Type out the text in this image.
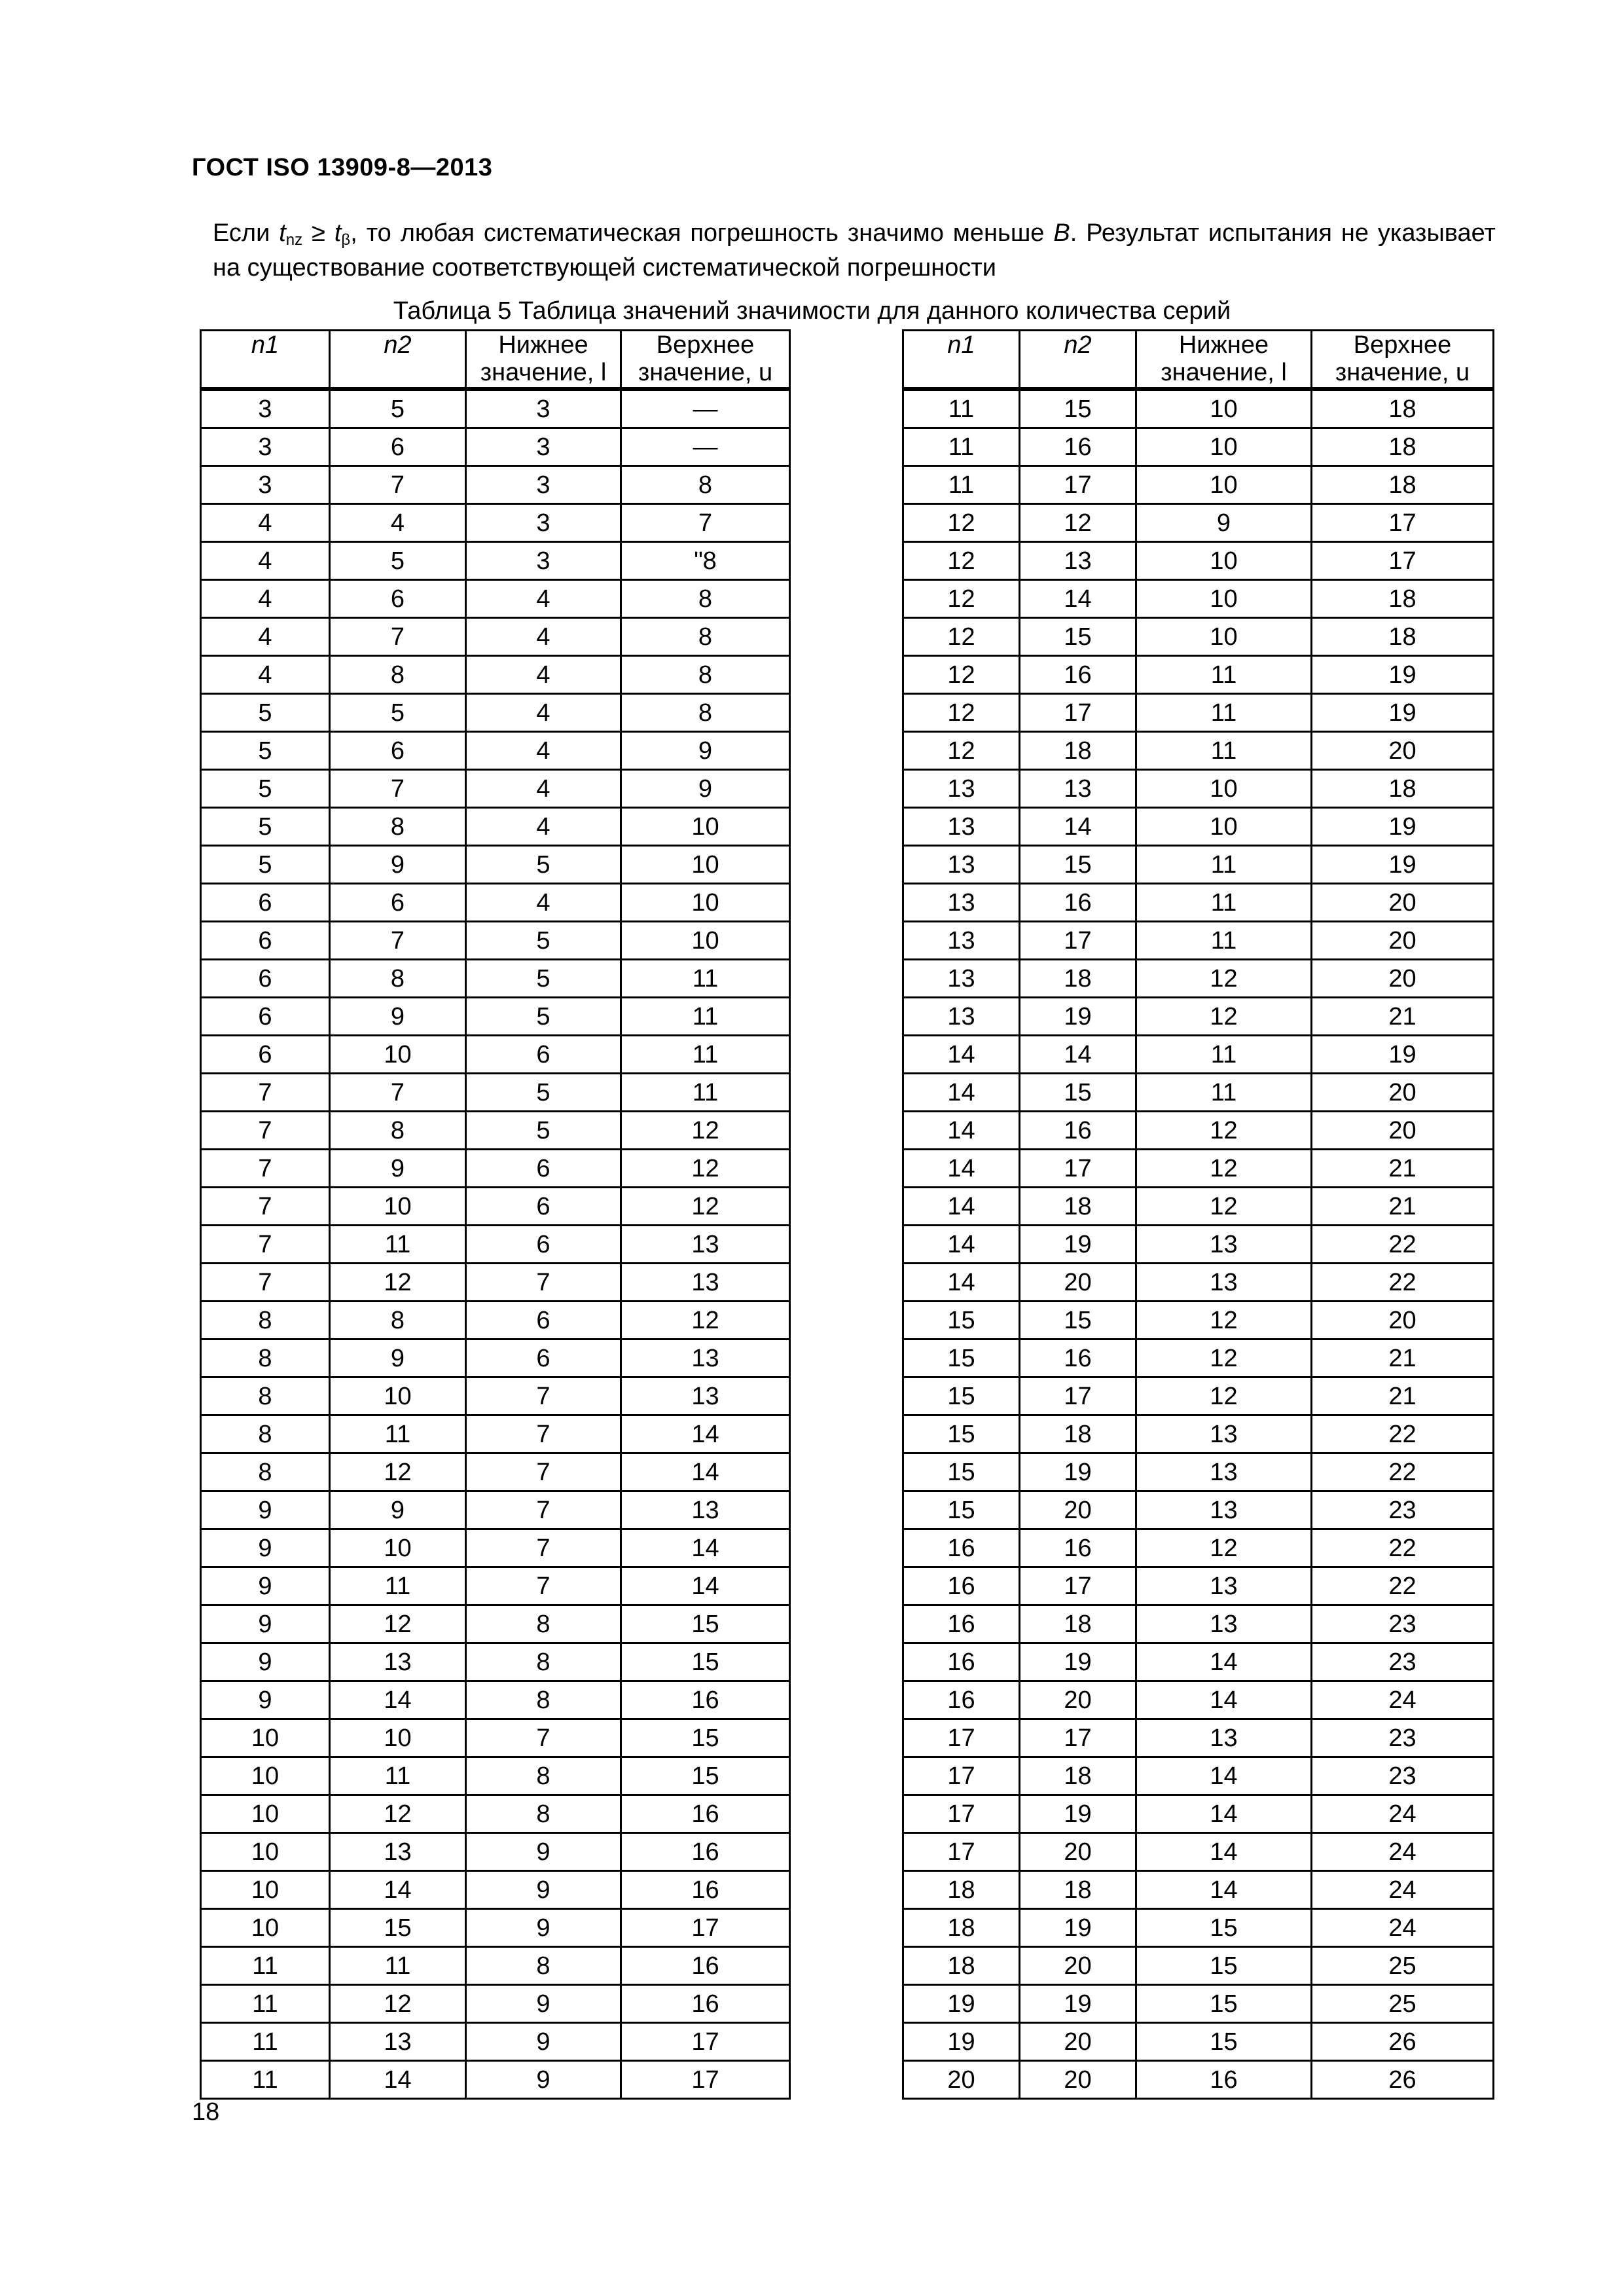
ГОСТ ISO 13909-8—2013
Если $t_{nz} \ge t_\beta$, то любая систематическая погрешность значимо меньше B. Результат испытания не указывает на существование соответствующей систематической погрешности
Таблица 5 Таблица значений значимости для данного количества серий
n1	n2	Нижнее значение, l	Верхнее значение, u
3	5	3	—
3	6	3	—
3	7	3	8
4	4	3	7
4	5	3	"8
4	6	4	8
4	7	4	8
4	8	4	8
5	5	4	8
5	6	4	9
5	7	4	9
5	8	4	10
5	9	5	10
6	6	4	10
6	7	5	10
6	8	5	11
6	9	5	11
6	10	6	11
7	7	5	11
7	8	5	12
7	9	6	12
7	10	6	12
7	11	6	13
7	12	7	13
8	8	6	12
8	9	6	13
8	10	7	13
8	11	7	14
8	12	7	14
9	9	7	13
9	10	7	14
9	11	7	14
9	12	8	15
9	13	8	15
9	14	8	16
10	10	7	15
10	11	8	15
10	12	8	16
10	13	9	16
10	14	9	16
10	15	9	17
11	11	8	16
11	12	9	16
11	13	9	17
11	14	9	17
n1	n2	Нижнее значение, l	Верхнее значение, u
11	15	10	18
11	16	10	18
11	17	10	18
12	12	9	17
12	13	10	17
12	14	10	18
12	15	10	18
12	16	11	19
12	17	11	19
12	18	11	20
13	13	10	18
13	14	10	19
13	15	11	19
13	16	11	20
13	17	11	20
13	18	12	20
13	19	12	21
14	14	11	19
14	15	11	20
14	16	12	20
14	17	12	21
14	18	12	21
14	19	13	22
14	20	13	22
15	15	12	20
15	16	12	21
15	17	12	21
15	18	13	22
15	19	13	22
15	20	13	23
16	16	12	22
16	17	13	22
16	18	13	23
16	19	14	23
16	20	14	24
17	17	13	23
17	18	14	23
17	19	14	24
17	20	14	24
18	18	14	24
18	19	15	24
18	20	15	25
19	19	15	25
19	20	15	26
20	20	16	26
18
